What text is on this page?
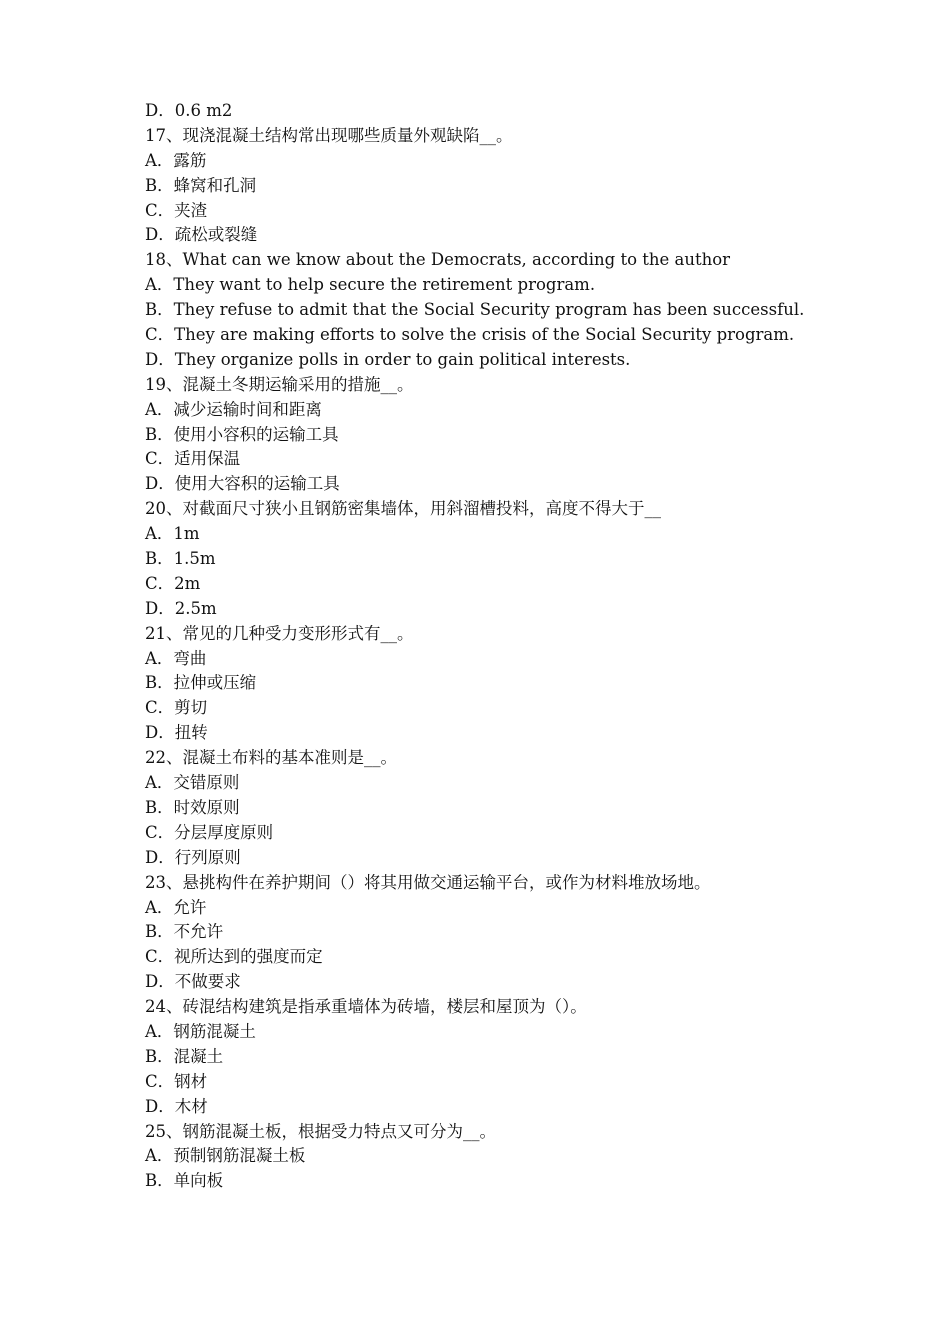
D．0.6 m2
17、现浇混凝土结构常出现哪些质量外观缺陷__。
A．露筋
B．蜂窝和孔洞
C．夹渣
D．疏松或裂缝
18、What can we know about the Democrats, according to the author
A．They want to help secure the retirement program.
B．They refuse to admit that the Social Security program has been successful.
C．They are making efforts to solve the crisis of the Social Security program.
D．They organize polls in order to gain political interests.
19、混凝土冬期运输采用的措施__。
A．减少运输时间和距离
B．使用小容积的运输工具
C．适用保温
D．使用大容积的运输工具
20、对截面尺寸狭小且钢筋密集墙体，用斜溜槽投料，高度不得大于__
A．1m
B．1.5m
C．2m
D．2.5m
21、常见的几种受力变形形式有__。
A．弯曲
B．拉伸或压缩
C．剪切
D．扭转
22、混凝土布料的基本准则是__。
A．交错原则
B．时效原则
C．分层厚度原则
D．行列原则
23、悬挑构件在养护期间（）将其用做交通运输平台，或作为材料堆放场地。
A．允许
B．不允许
C．视所达到的强度而定
D．不做要求
24、砖混结构建筑是指承重墙体为砖墙，楼层和屋顶为（）。
A．钢筋混凝土
B．混凝土
C．钢材
D．木材
25、钢筋混凝土板，根据受力特点又可分为__。
A．预制钢筋混凝土板
B．单向板
